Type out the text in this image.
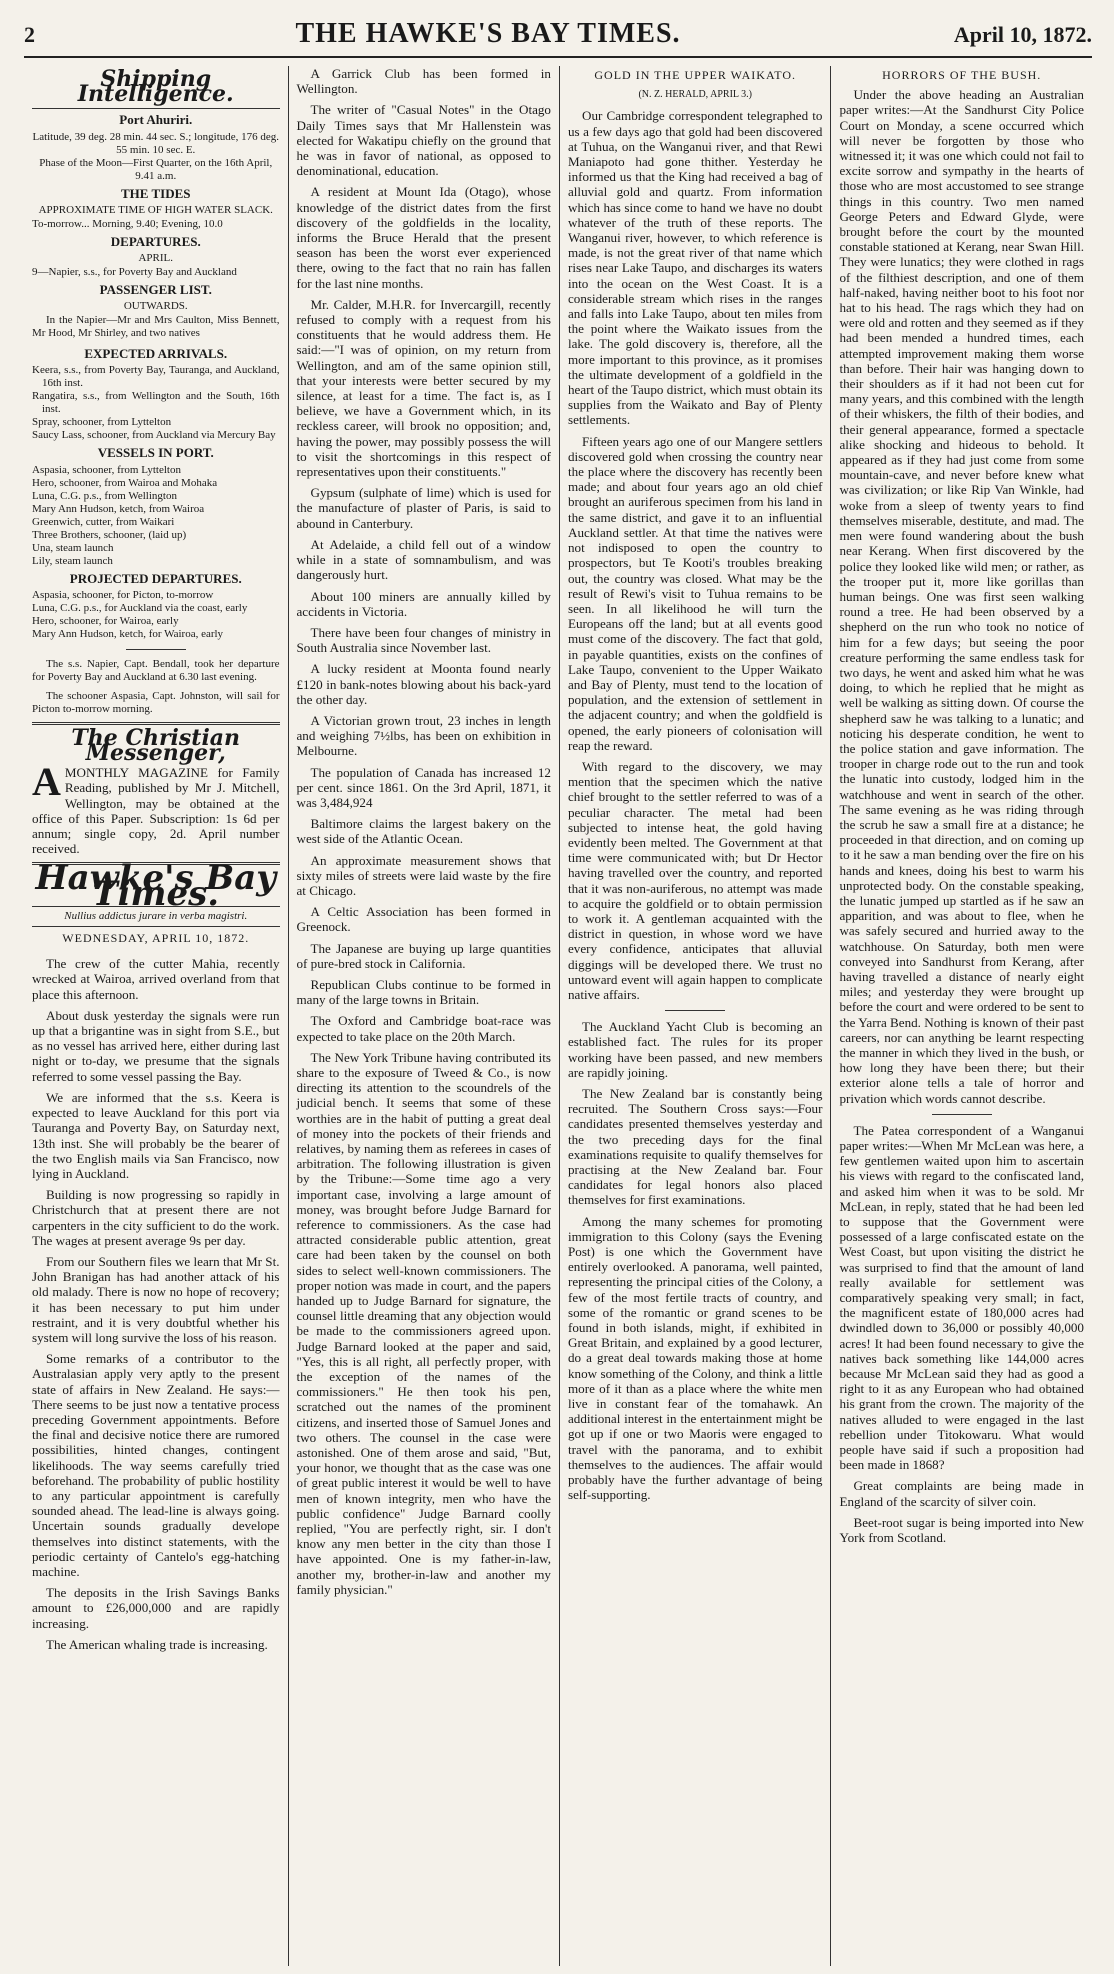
2	THE HAWKE'S BAY TIMES.	April 10, 1872.
Shipping Intelligence.
Port Ahuriri.

Latitude, 39 deg. 28 min. 44 sec. S.; longitude, 176 deg. 55 min. 10 sec. E.

Phase of the Moon—First Quarter, on the 16th April, 9.41 a.m.

THE TIDES
APPROXIMATE TIME OF HIGH WATER SLACK.

To-morrow... Morning, 9.40; Evening, 10.0

DEPARTURES.
APRIL.

9—Napier, s.s., for Poverty Bay and Auckland

PASSENGER LIST.
OUTWARDS.

In the Napier—Mr and Mrs Caulton, Miss Bennett, Mr Hood, Mr Shirley, and two natives

EXPECTED ARRIVALS.

Keera, s.s., from Poverty Bay, Tauranga, and Auckland, 16th inst.

Rangatira, s.s., from Wellington and the South, 16th inst.

Spray, schooner, from Lyttelton

Saucy Lass, schooner, from Auckland via Mercury Bay

VESSELS IN PORT.

Aspasia, schooner, from Lyttelton

Hero, schooner, from Wairoa and Mohaka

Luna, C.G. p.s., from Wellington

Mary Ann Hudson, ketch, from Wairoa

Greenwich, cutter, from Waikari

Three Brothers, schooner, (laid up)

Una, steam launch

Lily, steam launch

PROJECTED DEPARTURES.

Aspasia, schooner, for Picton, to-morrow

Luna, C.G. p.s., for Auckland via the coast, early

Hero, schooner, for Wairoa, early

Mary Ann Hudson, ketch, for Wairoa, early

The s.s. Napier, Capt. Bendall, took her departure for Poverty Bay and Auckland at 6.30 last evening.

The schooner Aspasia, Capt. Johnston, will sail for Picton to-morrow morning.

The Christian Messenger,

AMONTHLY MAGAZINE for Family Reading, published by Mr J. Mitchell, Wellington, may be obtained at the office of this Paper. Subscription: 1s 6d per annum; single copy, 2d. April number received.

Hawke's Bay Times.
Nullius addictus jurare in verba magistri.
WEDNESDAY, APRIL 10, 1872.

The crew of the cutter Mahia, recently wrecked at Wairoa, arrived overland from that place this afternoon.

About dusk yesterday the signals were run up that a brigantine was in sight from S.E., but as no vessel has arrived here, either during last night or to-day, we presume that the signals referred to some vessel passing the Bay.

We are informed that the s.s. Keera is expected to leave Auckland for this port via Tauranga and Poverty Bay, on Saturday next, 13th inst. She will probably be the bearer of the two English mails via San Francisco, now lying in Auckland.

Building is now progressing so rapidly in Christchurch that at present there are not carpenters in the city sufficient to do the work. The wages at present average 9s per day.

From our Southern files we learn that Mr St. John Branigan has had another attack of his old malady. There is now no hope of recovery; it has been necessary to put him under restraint, and it is very doubtful whether his system will long survive the loss of his reason.

Some remarks of a contributor to the Australasian apply very aptly to the present state of affairs in New Zealand. He says:—There seems to be just now a tentative process preceding Government appointments. Before the final and decisive notice there are rumored possibilities, hinted changes, contingent likelihoods. The way seems carefully tried beforehand. The probability of public hostility to any particular appointment is carefully sounded ahead. The lead-line is always going. Uncertain sounds gradually develope themselves into distinct statements, with the periodic certainty of Cantelo's egg-hatching machine.

The deposits in the Irish Savings Banks amount to £26,000,000 and are rapidly increasing.

The American whaling trade is increasing.

A Garrick Club has been formed in Wellington.

The writer of "Casual Notes" in the Otago Daily Times says that Mr Hallenstein was elected for Wakatipu chiefly on the ground that he was in favor of national, as opposed to denominational, education.

A resident at Mount Ida (Otago), whose knowledge of the district dates from the first discovery of the goldfields in the locality, informs the Bruce Herald that the present season has been the worst ever experienced there, owing to the fact that no rain has fallen for the last nine months.

Mr. Calder, M.H.R. for Invercargill, recently refused to comply with a request from his constituents that he would address them. He said:—"I was of opinion, on my return from Wellington, and am of the same opinion still, that your interests were better secured by my silence, at least for a time. The fact is, as I believe, we have a Government which, in its reckless career, will brook no opposition; and, having the power, may possibly possess the will to visit the shortcomings in this respect of representatives upon their constituents."

Gypsum (sulphate of lime) which is used for the manufacture of plaster of Paris, is said to abound in Canterbury.

At Adelaide, a child fell out of a window while in a state of somnambulism, and was dangerously hurt.

About 100 miners are annually killed by accidents in Victoria.

There have been four changes of ministry in South Australia since November last.

A lucky resident at Moonta found nearly £120 in bank-notes blowing about his back-yard the other day.

A Victorian grown trout, 23 inches in length and weighing 7½lbs, has been on exhibition in Melbourne.

The population of Canada has increased 12 per cent. since 1861. On the 3rd April, 1871, it was 3,484,924

Baltimore claims the largest bakery on the west side of the Atlantic Ocean.

An approximate measurement shows that sixty miles of streets were laid waste by the fire at Chicago.

A Celtic Association has been formed in Greenock.

The Japanese are buying up large quantities of pure-bred stock in California.

Republican Clubs continue to be formed in many of the large towns in Britain.

The Oxford and Cambridge boat-race was expected to take place on the 20th March.

The New York Tribune having contributed its share to the exposure of Tweed & Co., is now directing its attention to the scoundrels of the judicial bench. It seems that some of these worthies are in the habit of putting a great deal of money into the pockets of their friends and relatives, by naming them as referees in cases of arbitration. The following illustration is given by the Tribune:—Some time ago a very important case, involving a large amount of money, was brought before Judge Barnard for reference to commissioners. As the case had attracted considerable public attention, great care had been taken by the counsel on both sides to select well-known commissioners. The proper notion was made in court, and the papers handed up to Judge Barnard for signature, the counsel little dreaming that any objection would be made to the commissioners agreed upon. Judge Barnard looked at the paper and said, "Yes, this is all right, all perfectly proper, with the exception of the names of the commissioners." He then took his pen, scratched out the names of the prominent citizens, and inserted those of Samuel Jones and two others. The counsel in the case were astonished. One of them arose and said, "But, your honor, we thought that as the case was one of great public interest it would be well to have men of known integrity, men who have the public confidence" Judge Barnard coolly replied, "You are perfectly right, sir. I don't know any men better in the city than those I have appointed. One is my father-in-law, another my, brother-in-law and another my family physician."

GOLD IN THE UPPER WAIKATO.
(N. Z. HERALD, APRIL 3.)

Our Cambridge correspondent telegraphed to us a few days ago that gold had been discovered at Tuhua, on the Wanganui river, and that Rewi Maniapoto had gone thither. Yesterday he informed us that the King had received a bag of alluvial gold and quartz. From information which has since come to hand we have no doubt whatever of the truth of these reports. The Wanganui river, however, to which reference is made, is not the great river of that name which rises near Lake Taupo, and discharges its waters into the ocean on the West Coast. It is a considerable stream which rises in the ranges and falls into Lake Taupo, about ten miles from the point where the Waikato issues from the lake. The gold discovery is, therefore, all the more important to this province, as it promises the ultimate development of a goldfield in the heart of the Taupo district, which must obtain its supplies from the Waikato and Bay of Plenty settlements.

Fifteen years ago one of our Mangere settlers discovered gold when crossing the country near the place where the discovery has recently been made; and about four years ago an old chief brought an auriferous specimen from his land in the same district, and gave it to an influential Auckland settler. At that time the natives were not indisposed to open the country to prospectors, but Te Kooti's troubles breaking out, the country was closed. What may be the result of Rewi's visit to Tuhua remains to be seen. In all likelihood he will turn the Europeans off the land; but at all events good must come of the discovery. The fact that gold, in payable quantities, exists on the confines of Lake Taupo, convenient to the Upper Waikato and Bay of Plenty, must tend to the location of population, and the extension of settlement in the adjacent country; and when the goldfield is opened, the early pioneers of colonisation will reap the reward.

With regard to the discovery, we may mention that the specimen which the native chief brought to the settler referred to was of a peculiar character. The metal had been subjected to intense heat, the gold having evidently been melted. The Government at that time were communicated with; but Dr Hector having travelled over the country, and reported that it was non-auriferous, no attempt was made to acquire the goldfield or to obtain permission to work it. A gentleman acquainted with the district in question, in whose word we have every confidence, anticipates that alluvial diggings will be developed there. We trust no untoward event will again happen to complicate native affairs.

The Auckland Yacht Club is becoming an established fact. The rules for its proper working have been passed, and new members are rapidly joining.

The New Zealand bar is constantly being recruited. The Southern Cross says:—Four candidates presented themselves yesterday and the two preceding days for the final examinations requisite to qualify themselves for practising at the New Zealand bar. Four candidates for legal honors also placed themselves for first examinations.

Among the many schemes for promoting immigration to this Colony (says the Evening Post) is one which the Government have entirely overlooked. A panorama, well painted, representing the principal cities of the Colony, a few of the most fertile tracts of country, and some of the romantic or grand scenes to be found in both islands, might, if exhibited in Great Britain, and explained by a good lecturer, do a great deal towards making those at home know something of the Colony, and think a little more of it than as a place where the white men live in constant fear of the tomahawk. An additional interest in the entertainment might be got up if one or two Maoris were engaged to travel with the panorama, and to exhibit themselves to the audiences. The affair would probably have the further advantage of being self-supporting.

HORRORS OF THE BUSH.

Under the above heading an Australian paper writes:—At the Sandhurst City Police Court on Monday, a scene occurred which will never be forgotten by those who witnessed it; it was one which could not fail to excite sorrow and sympathy in the hearts of those who are most accustomed to see strange things in this country. Two men named George Peters and Edward Glyde, were brought before the court by the mounted constable stationed at Kerang, near Swan Hill. They were lunatics; they were clothed in rags of the filthiest description, and one of them half-naked, having neither boot to his foot nor hat to his head. The rags which they had on were old and rotten and they seemed as if they had been mended a hundred times, each attempted improvement making them worse than before. Their hair was hanging down to their shoulders as if it had not been cut for many years, and this combined with the length of their whiskers, the filth of their bodies, and their general appearance, formed a spectacle alike shocking and hideous to behold. It appeared as if they had just come from some mountain-cave, and never before knew what was civilization; or like Rip Van Winkle, had woke from a sleep of twenty years to find themselves miserable, destitute, and mad. The men were found wandering about the bush near Kerang. When first discovered by the police they looked like wild men; or rather, as the trooper put it, more like gorillas than human beings. One was first seen walking round a tree. He had been observed by a shepherd on the run who took no notice of him for a few days; but seeing the poor creature performing the same endless task for two days, he went and asked him what he was doing, to which he replied that he might as well be walking as sitting down. Of course the shepherd saw he was talking to a lunatic; and noticing his desperate condition, he went to the police station and gave information. The trooper in charge rode out to the run and took the lunatic into custody, lodged him in the watchhouse and went in search of the other. The same evening as he was riding through the scrub he saw a small fire at a distance; he proceeded in that direction, and on coming up to it he saw a man bending over the fire on his hands and knees, doing his best to warm his unprotected body. On the constable speaking, the lunatic jumped up startled as if he saw an apparition, and was about to flee, when he was safely secured and hurried away to the watchhouse. On Saturday, both men were conveyed into Sandhurst from Kerang, after having travelled a distance of nearly eight miles; and yesterday they were brought up before the court and were ordered to be sent to the Yarra Bend. Nothing is known of their past careers, nor can anything be learnt respecting the manner in which they lived in the bush, or how long they have been there; but their exterior alone tells a tale of horror and privation which words cannot describe.

The Patea correspondent of a Wanganui paper writes:—When Mr McLean was here, a few gentlemen waited upon him to ascertain his views with regard to the confiscated land, and asked him when it was to be sold. Mr McLean, in reply, stated that he had been led to suppose that the Government were possessed of a large confiscated estate on the West Coast, but upon visiting the district he was surprised to find that the amount of land really available for settlement was comparatively speaking very small; in fact, the magnificent estate of 180,000 acres had dwindled down to 36,000 or possibly 40,000 acres! It had been found necessary to give the natives back something like 144,000 acres because Mr McLean said they had as good a right to it as any European who had obtained his grant from the crown. The majority of the natives alluded to were engaged in the last rebellion under Titokowaru. What would people have said if such a proposition had been made in 1868?

Great complaints are being made in England of the scarcity of silver coin.

Beet-root sugar is being imported into New York from Scotland.
